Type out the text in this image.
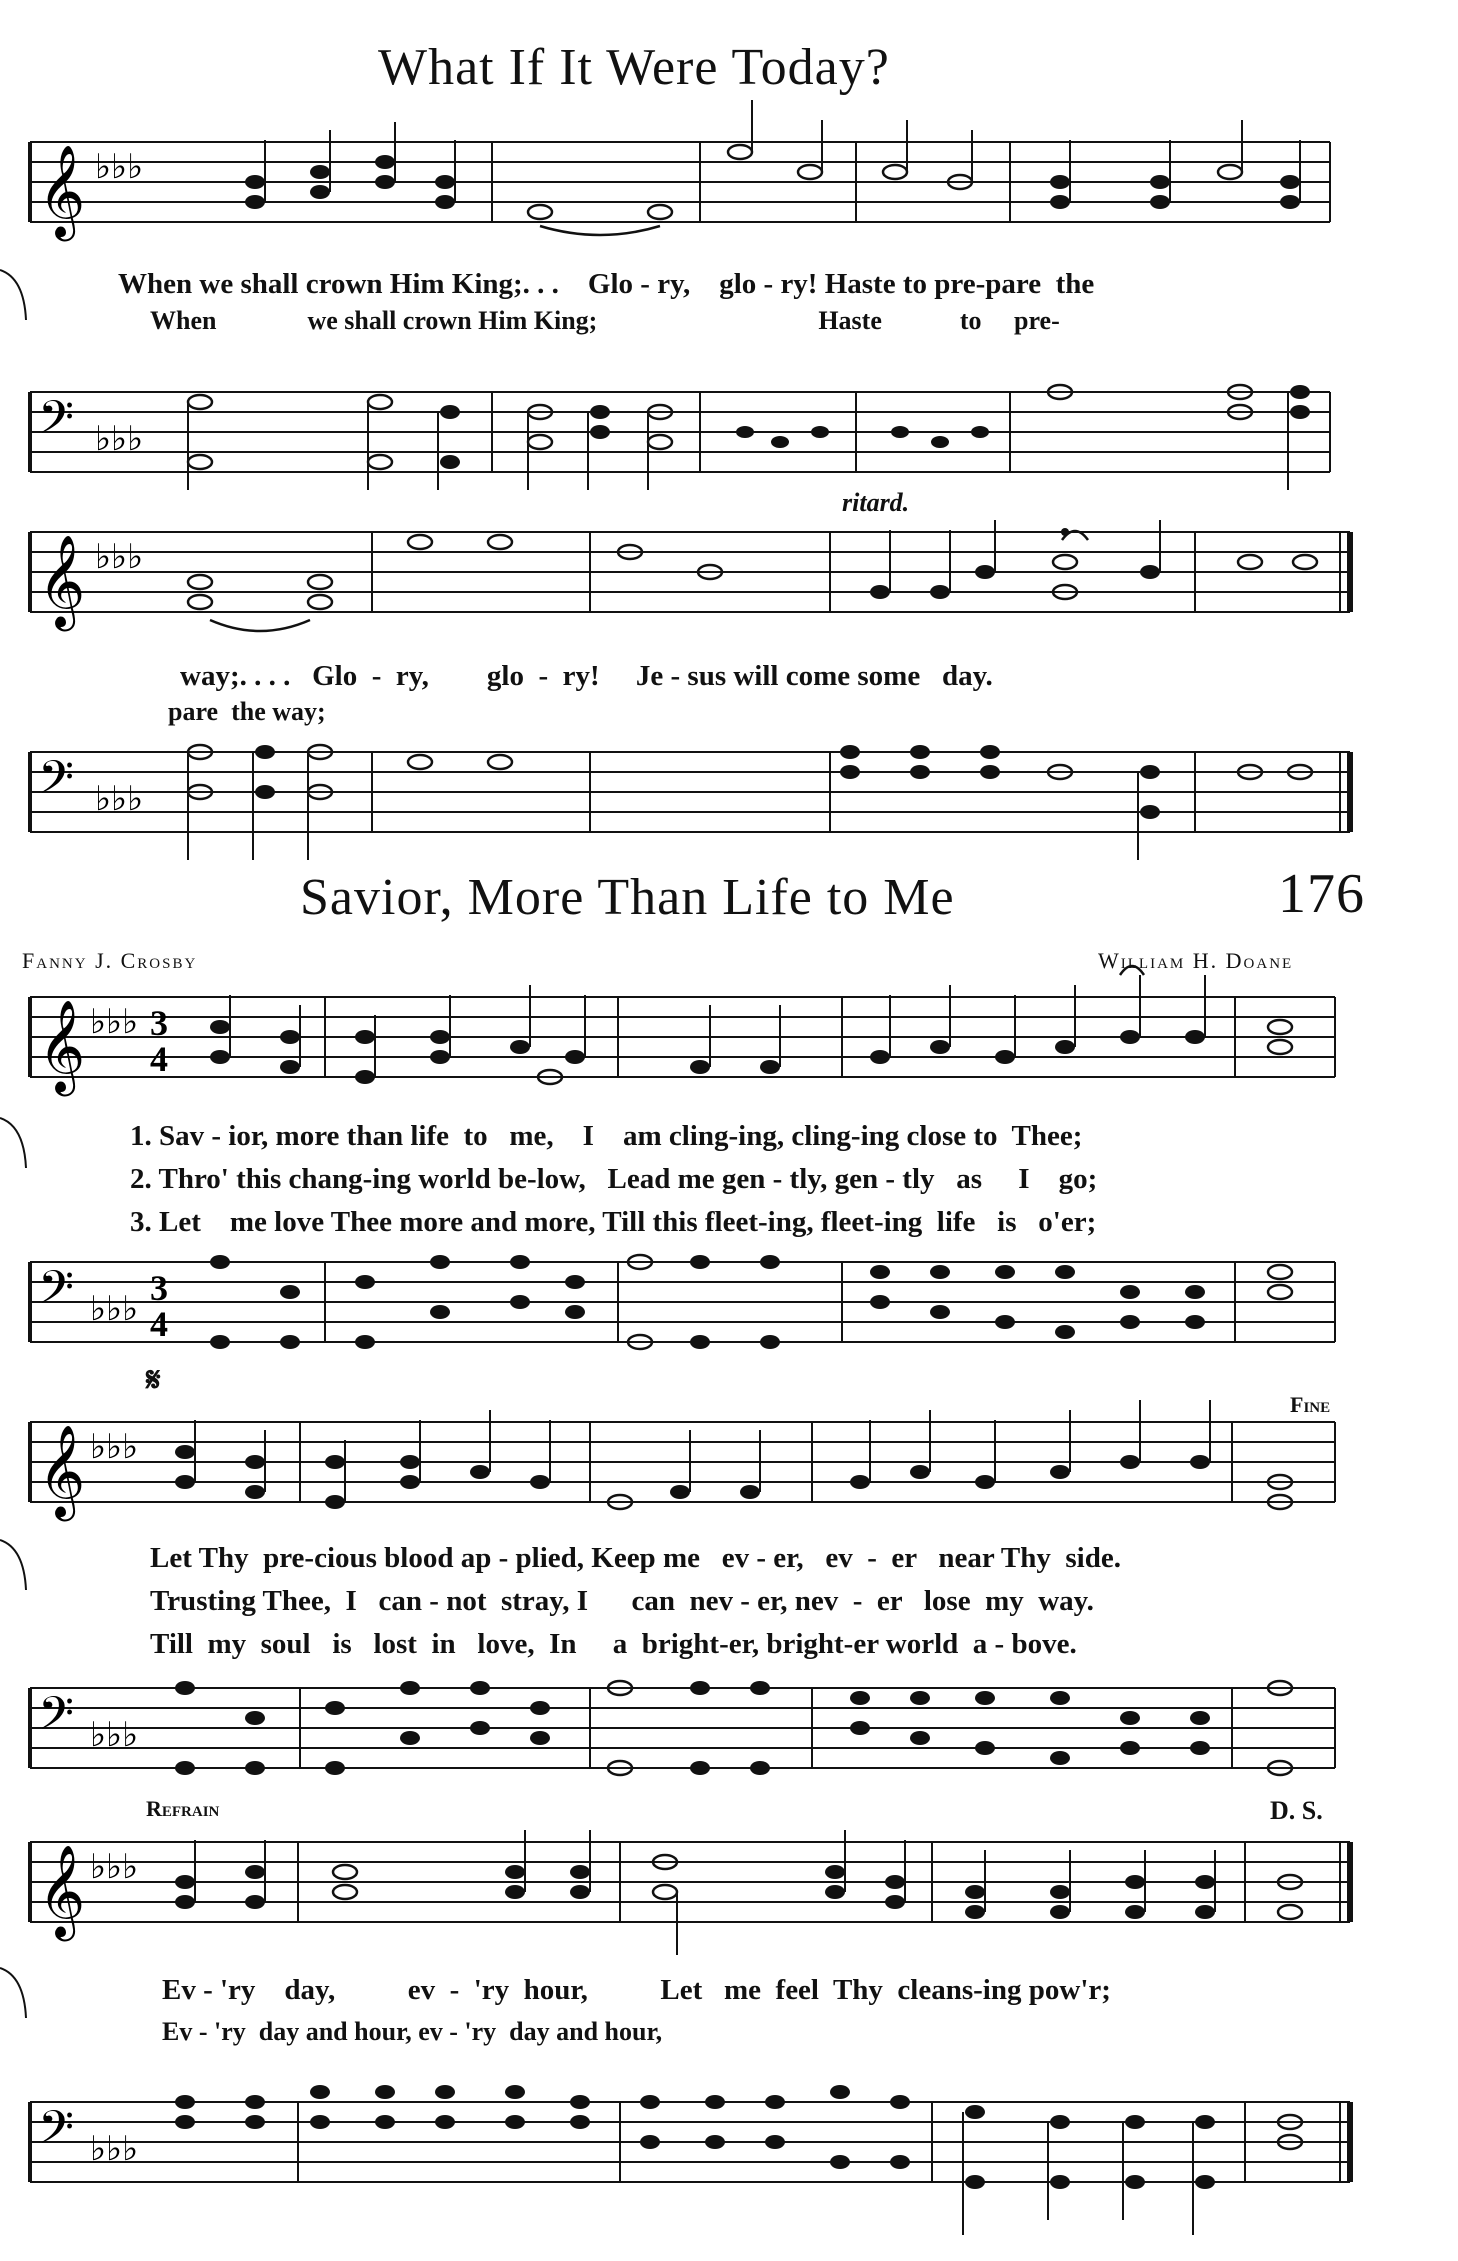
What If It Were Today?
𝄞 ♭♭♭
When we shall crown Him King;. . .    Glo - ry,    glo - ry! Haste to pre-pare  the
When              we shall crown Him King;                                  Haste            to     pre-
𝄢 ♭♭♭
ritard.
𝄞 ♭♭♭
way;. . . .   Glo  -  ry,        glo  -  ry!     Je - sus will come some   day.
pare  the way;
𝄢 ♭♭♭
Savior, More Than Life to Me	176
Fanny J. Crosby	William H. Doane
𝄞 ♭♭♭ 3
4
1. Sav - ior, more than life  to   me,    I    am cling-ing, cling-ing close to  Thee;
2. Thro' this chang-ing world be-low,   Lead me gen - tly, gen - tly   as     I    go;
3. Let    me love Thee more and more, Till this fleet-ing, fleet-ing  life   is   o'er;
𝄢 ♭♭♭
3
4
𝄋
Fine
𝄞 ♭♭♭
Let Thy  pre-cious blood ap - plied, Keep me   ev - er,   ev  -  er   near Thy  side.
Trusting Thee,  I   can - not  stray, I      can  nev - er, nev  -  er   lose  my  way.
Till  my  soul   is   lost  in   love,  In     a  bright-er, bright-er world  a - bove.
𝄢 ♭♭♭
Refrain	D. S.
𝄞 ♭♭♭
Ev - 'ry    day,          ev  -  'ry  hour,          Let   me  feel  Thy  cleans-ing pow'r;
Ev - 'ry  day and hour, ev - 'ry  day and hour,
𝄢 ♭♭♭
